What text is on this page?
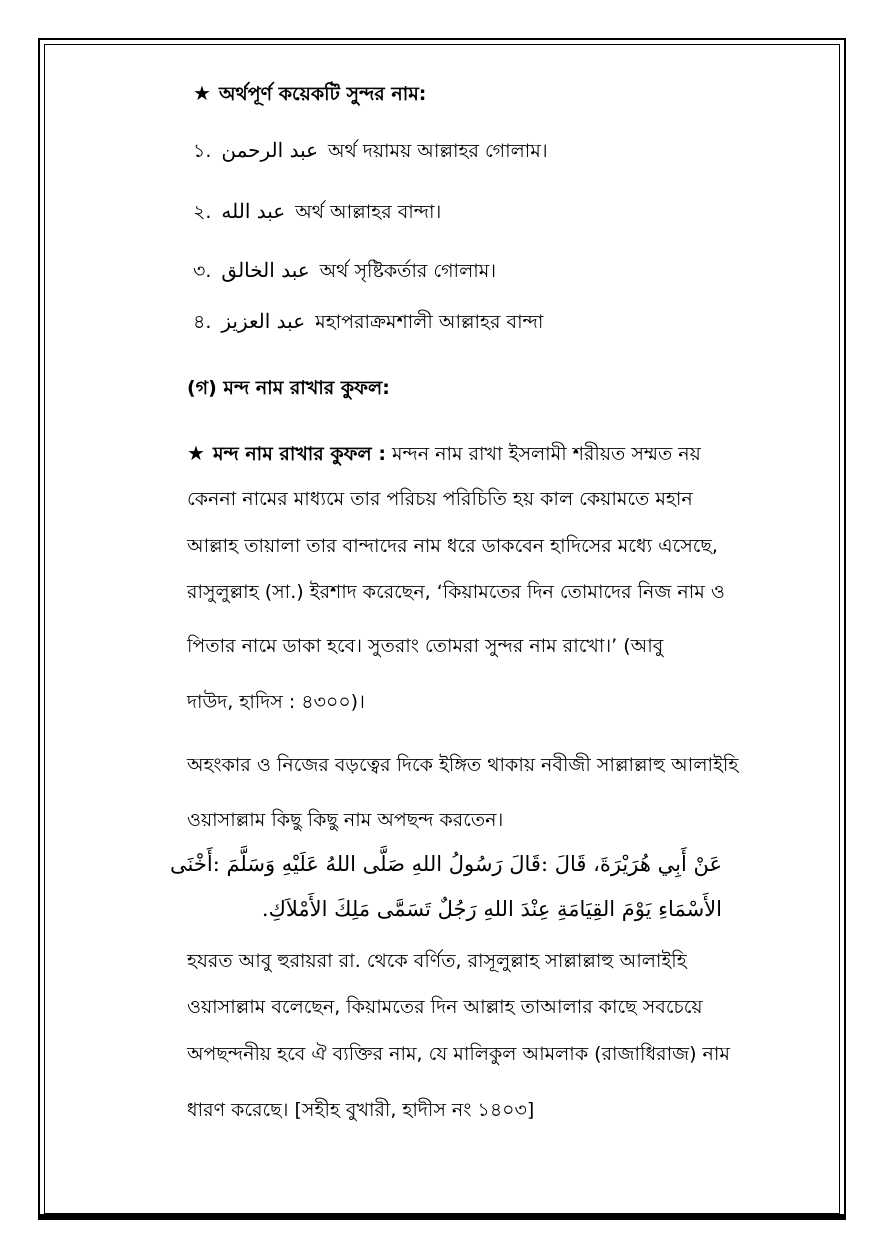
★ অর্থপূর্ণ কয়েকটি সুন্দর নাম:
১. عبد الرحمن অর্থ দয়াময় আল্লাহর গোলাম।
২. عبد الله অর্থ আল্লাহর বান্দা।
৩. عبد الخالق অর্থ সৃষ্টিকর্তার গোলাম।
৪. عبد العزيز মহাপরাক্রমশালী আল্লাহর বান্দা
(গ) মন্দ নাম রাখার কুফল:
★ মন্দ নাম রাখার কুফল : মন্দন নাম রাখা ইসলামী শরীয়ত সম্মত নয়
কেননা নামের মাধ্যমে তার পরিচয় পরিচিতি হয় কাল কেয়ামতে মহান
আল্লাহ তায়ালা তার বান্দাদের নাম ধরে ডাকবেন হাদিসের মধ্যে এসেছে,
রাসুলুল্লাহ (সা.) ইরশাদ করেছেন, ‘কিয়ামতের দিন তোমাদের নিজ নাম ও
পিতার নামে ডাকা হবে। সুতরাং তোমরা সুন্দর নাম রাখো।’ (আবু
দাউদ, হাদিস : ৪৩০০)।
অহংকার ও নিজের বড়ত্বের দিকে ইঙ্গিত থাকায় নবীজী সাল্লাল্লাহু আলাইহি
ওয়াসাল্লাম কিছু কিছু নাম অপছন্দ করতেন।
عَنْ أَبِي هُرَيْرَةَ، قَالَ :قَالَ رَسُولُ اللهِ صَلَّى اللهُ عَلَيْهِ وَسَلَّمَ :أَخْنَى
الأَسْمَاءِ يَوْمَ القِيَامَةِ عِنْدَ اللهِ رَجُلٌ تَسَمَّى مَلِكَ الأَمْلاَكِ.
হযরত আবু হুরায়রা রা. থেকে বর্ণিত, রাসূলুল্লাহ সাল্লাল্লাহু আলাইহি
ওয়াসাল্লাম বলেছেন, কিয়ামতের দিন আল্লাহ তাআলার কাছে সবচেয়ে
অপছন্দনীয় হবে ঐ ব্যক্তির নাম, যে মালিকুল আমলাক (রাজাধিরাজ) নাম
ধারণ করেছে। [সহীহ বুখারী, হাদীস নং ১৪০৩]
